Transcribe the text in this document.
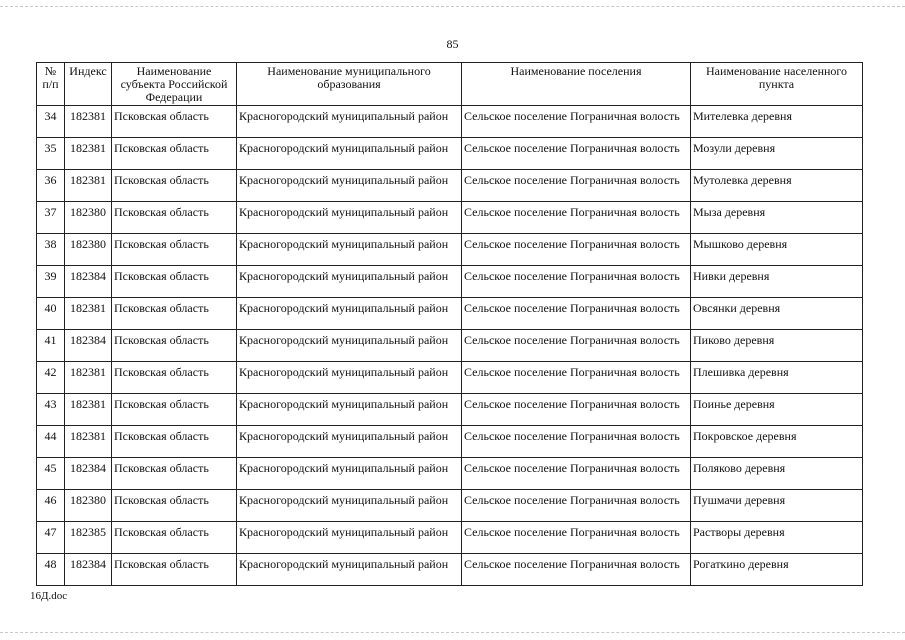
85
№ п/п	Индекс	Наименование субъекта Российской Федерации	Наименование муниципального образования	Наименование поселения	Наименование населенного пункта
34	182381	Псковская область	Красногородский муниципальный район	Сельское поселение Пограничная волость	Мителевка деревня
35	182381	Псковская область	Красногородский муниципальный район	Сельское поселение Пограничная волость	Мозули деревня
36	182381	Псковская область	Красногородский муниципальный район	Сельское поселение Пограничная волость	Мутолевка деревня
37	182380	Псковская область	Красногородский муниципальный район	Сельское поселение Пограничная волость	Мыза деревня
38	182380	Псковская область	Красногородский муниципальный район	Сельское поселение Пограничная волость	Мышково деревня
39	182384	Псковская область	Красногородский муниципальный район	Сельское поселение Пограничная волость	Нивки деревня
40	182381	Псковская область	Красногородский муниципальный район	Сельское поселение Пограничная волость	Овсянки деревня
41	182384	Псковская область	Красногородский муниципальный район	Сельское поселение Пограничная волость	Пиково деревня
42	182381	Псковская область	Красногородский муниципальный район	Сельское поселение Пограничная волость	Плешивка деревня
43	182381	Псковская область	Красногородский муниципальный район	Сельское поселение Пограничная волость	Поинье деревня
44	182381	Псковская область	Красногородский муниципальный район	Сельское поселение Пограничная волость	Покровское деревня
45	182384	Псковская область	Красногородский муниципальный район	Сельское поселение Пограничная волость	Поляково деревня
46	182380	Псковская область	Красногородский муниципальный район	Сельское поселение Пограничная волость	Пушмачи деревня
47	182385	Псковская область	Красногородский муниципальный район	Сельское поселение Пограничная волость	Растворы деревня
48	182384	Псковская область	Красногородский муниципальный район	Сельское поселение Пограничная волость	Рогаткино деревня
16Д.doc
